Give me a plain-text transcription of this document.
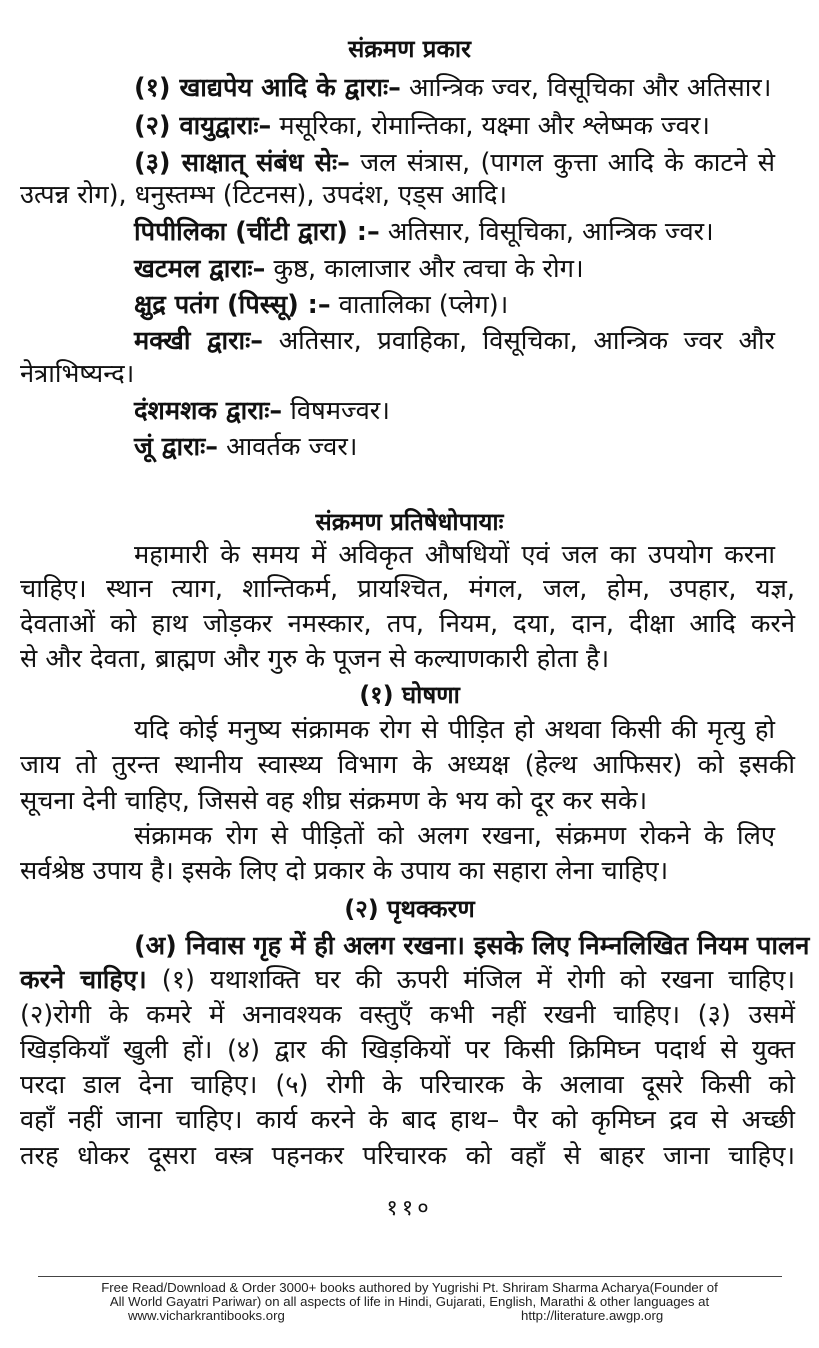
संक्रमण प्रकार
(१) खाद्यपेय आदि के द्वाराः– आन्त्रिक ज्वर, विसूचिका और अतिसार।
(२) वायुद्वाराः– मसूरिका, रोमान्तिका, यक्ष्मा और श्लेष्मक ज्वर।
(३) साक्षात् संबंध सेः– जल संत्रास, (पागल कुत्ता आदि के काटने से
उत्पन्न रोग), धनुस्तम्भ (टिटनस), उपदंश, एड्स आदि।
पिपीलिका (चींटी द्वारा) :– अतिसार, विसूचिका, आन्त्रिक ज्वर।
खटमल द्वाराः– कुष्ठ, कालाजार और त्वचा के रोग।
क्षुद्र पतंग (पिस्सू) :– वातालिका (प्लेग)।
मक्खी द्वाराः– अतिसार, प्रवाहिका, विसूचिका, आन्त्रिक ज्वर और
नेत्राभिष्यन्द।
दंशमशक द्वाराः– विषमज्वर।
जूं द्वाराः– आवर्तक ज्वर।
संक्रमण प्रतिषेधोपायाः
महामारी के समय में अविकृत औषधियों एवं जल का उपयोग करना
चाहिए। स्थान त्याग, शान्तिकर्म, प्रायश्चित, मंगल, जल, होम, उपहार, यज्ञ,
देवताओं को हाथ जोड़कर नमस्कार, तप, नियम, दया, दान, दीक्षा आदि करने
से और देवता, ब्राह्मण और गुरु के पूजन से कल्याणकारी होता है।
(१) घोषणा
यदि कोई मनुष्य संक्रामक रोग से पीड़ित हो अथवा किसी की मृत्यु हो
जाय तो तुरन्त स्थानीय स्वास्थ्य विभाग के अध्यक्ष (हेल्थ आफिसर) को इसकी
सूचना देनी चाहिए, जिससे वह शीघ्र संक्रमण के भय को दूर कर सके।
संक्रामक रोग से पीड़ितों को अलग रखना, संक्रमण रोकने के लिए
सर्वश्रेष्ठ उपाय है। इसके लिए दो प्रकार के उपाय का सहारा लेना चाहिए।
(२) पृथक्करण
(अ) निवास गृह में ही अलग रखना। इसके लिए निम्नलिखित नियम पालन
करने चाहिए। (१) यथाशक्ति घर की ऊपरी मंजिल में रोगी को रखना चाहिए।
(२)रोगी के कमरे में अनावश्यक वस्तुएँ कभी नहीं रखनी चाहिए। (३) उसमें
खिड़कियाँ खुली हों। (४) द्वार की खिड़कियों पर किसी क्रिमिघ्न पदार्थ से युक्त
परदा डाल देना चाहिए। (५) रोगी के परिचारक के अलावा दूसरे किसी को
वहाँ नहीं जाना चाहिए। कार्य करने के बाद हाथ– पैर को कृमिघ्न द्रव से अच्छी
तरह धोकर दूसरा वस्त्र पहनकर परिचारक को वहाँ से बाहर जाना चाहिए।
११०
Free Read/Download & Order 3000+ books authored by Yugrishi Pt. Shriram Sharma Acharya(Founder of
All World Gayatri Pariwar) on all aspects of life in Hindi, Gujarati, English, Marathi & other languages at
www.vicharkrantibooks.org	http://literature.awgp.org
